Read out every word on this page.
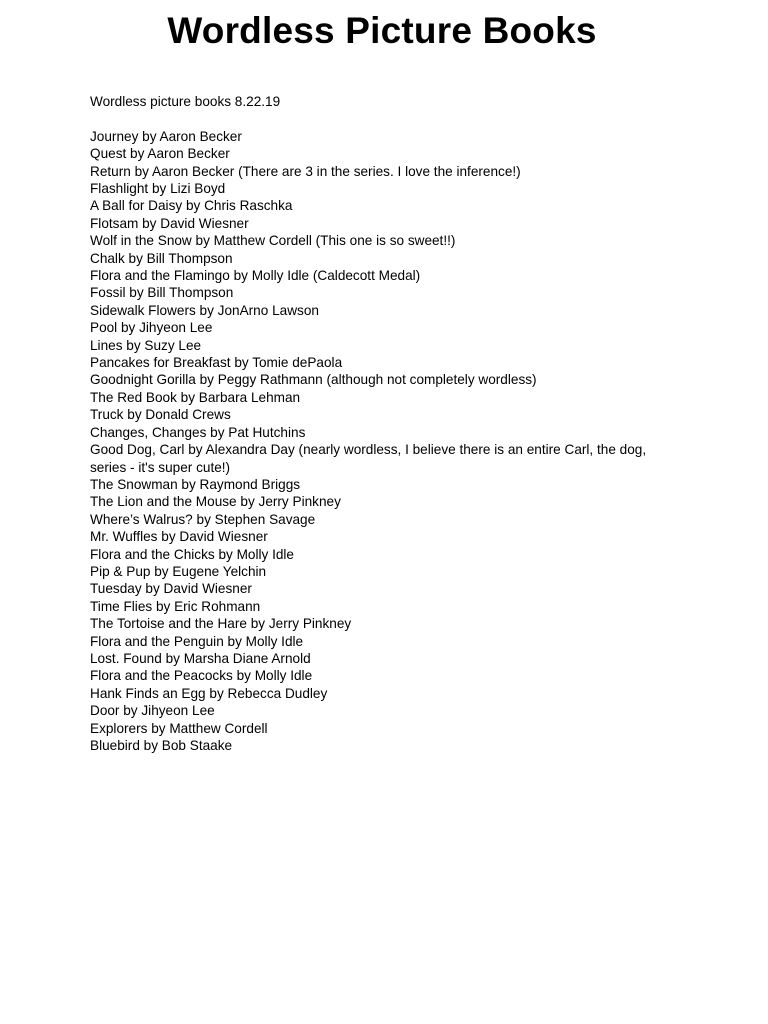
Wordless Picture Books

Wordless picture books 8.22.19

Journey by Aaron Becker
Quest by Aaron Becker
Return by Aaron Becker (There are 3 in the series. I love the inference!)
Flashlight by Lizi Boyd
A Ball for Daisy by Chris Raschka
Flotsam by David Wiesner
Wolf in the Snow by Matthew Cordell (This one is so sweet!!)
Chalk by Bill Thompson
Flora and the Flamingo by Molly Idle (Caldecott Medal)
Fossil by Bill Thompson
Sidewalk Flowers by JonArno Lawson
Pool by Jihyeon Lee
Lines by Suzy Lee
Pancakes for Breakfast by Tomie dePaola
Goodnight Gorilla by Peggy Rathmann (although not completely wordless)
The Red Book by Barbara Lehman
Truck by Donald Crews
Changes, Changes by Pat Hutchins
Good Dog, Carl by Alexandra Day (nearly wordless, I believe there is an entire Carl, the dog,
series - it's super cute!)
The Snowman by Raymond Briggs
The Lion and the Mouse by Jerry Pinkney
Where’s Walrus? by Stephen Savage
Mr. Wuffles by David Wiesner
Flora and the Chicks by Molly Idle
Pip & Pup by Eugene Yelchin
Tuesday by David Wiesner
Time Flies by Eric Rohmann
The Tortoise and the Hare by Jerry Pinkney
Flora and the Penguin by Molly Idle
Lost. Found by Marsha Diane Arnold
Flora and the Peacocks by Molly Idle
Hank Finds an Egg by Rebecca Dudley
Door by Jihyeon Lee
Explorers by Matthew Cordell
Bluebird by Bob Staake
